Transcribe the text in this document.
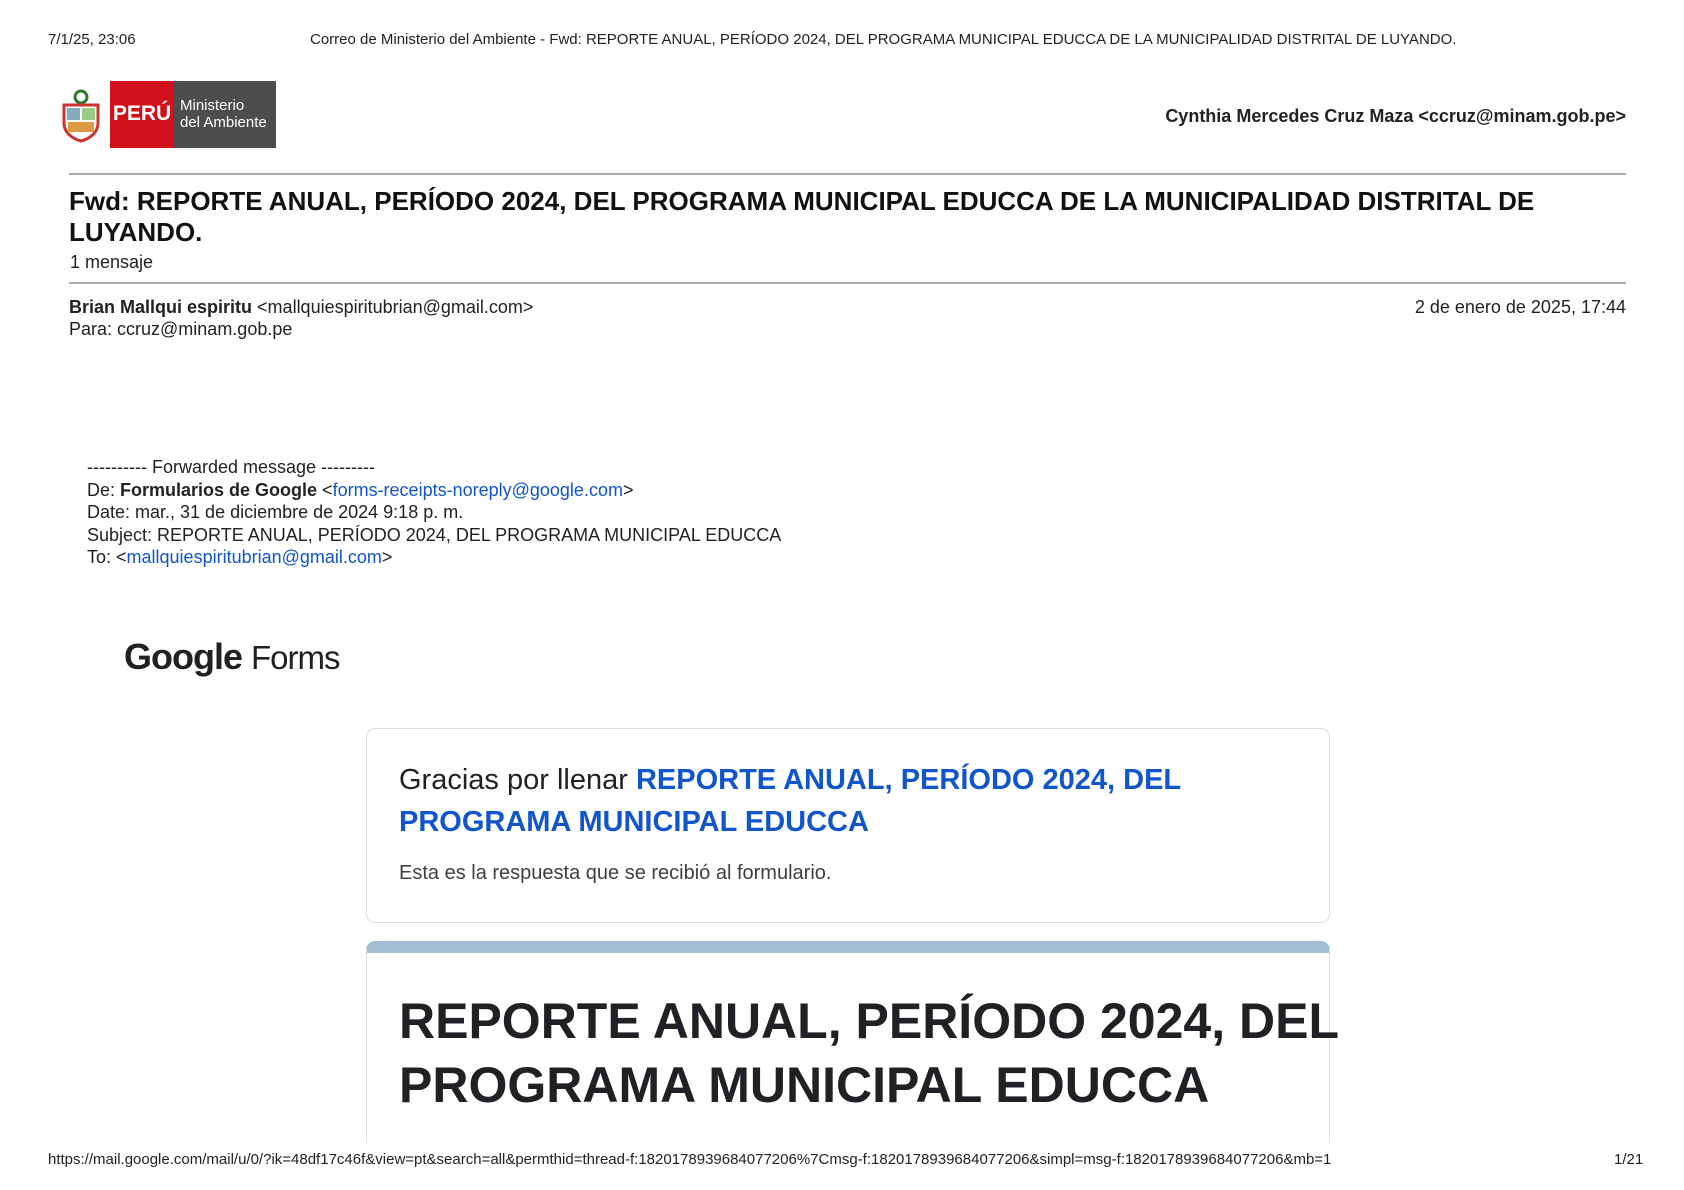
7/1/25, 23:06	Correo de Ministerio del Ambiente - Fwd: REPORTE ANUAL, PERÍODO 2024, DEL PROGRAMA MUNICIPAL EDUCCA DE LA MUNICIPALIDAD DISTRITAL DE LUYANDO.
PERÚ Ministerio
del Ambiente	Cynthia Mercedes Cruz Maza <ccruz@minam.gob.pe>
Fwd: REPORTE ANUAL, PERÍODO 2024, DEL PROGRAMA MUNICIPAL EDUCCA DE LA MUNICIPALIDAD DISTRITAL DE LUYANDO.
1 mensaje
Brian Mallqui espiritu <mallquiespiritubrian@gmail.com>	2 de enero de 2025, 17:44
Para: ccruz@minam.gob.pe
---------- Forwarded message ---------
De: Formularios de Google <forms-receipts-noreply@google.com>
Date: mar., 31 de diciembre de 2024 9:18 p. m.
Subject: REPORTE ANUAL, PERÍODO 2024, DEL PROGRAMA MUNICIPAL EDUCCA
To: <mallquiespiritubrian@gmail.com>
Google Forms
Gracias por llenar REPORTE ANUAL, PERÍODO 2024, DEL PROGRAMA MUNICIPAL EDUCCA
Esta es la respuesta que se recibió al formulario.
REPORTE ANUAL, PERÍODO 2024, DEL PROGRAMA MUNICIPAL EDUCCA
https://mail.google.com/mail/u/0/?ik=48df17c46f&view=pt&search=all&permthid=thread-f:1820178939684077206%7Cmsg-f:1820178939684077206&simpl=msg-f:1820178939684077206&mb=1	1/21
